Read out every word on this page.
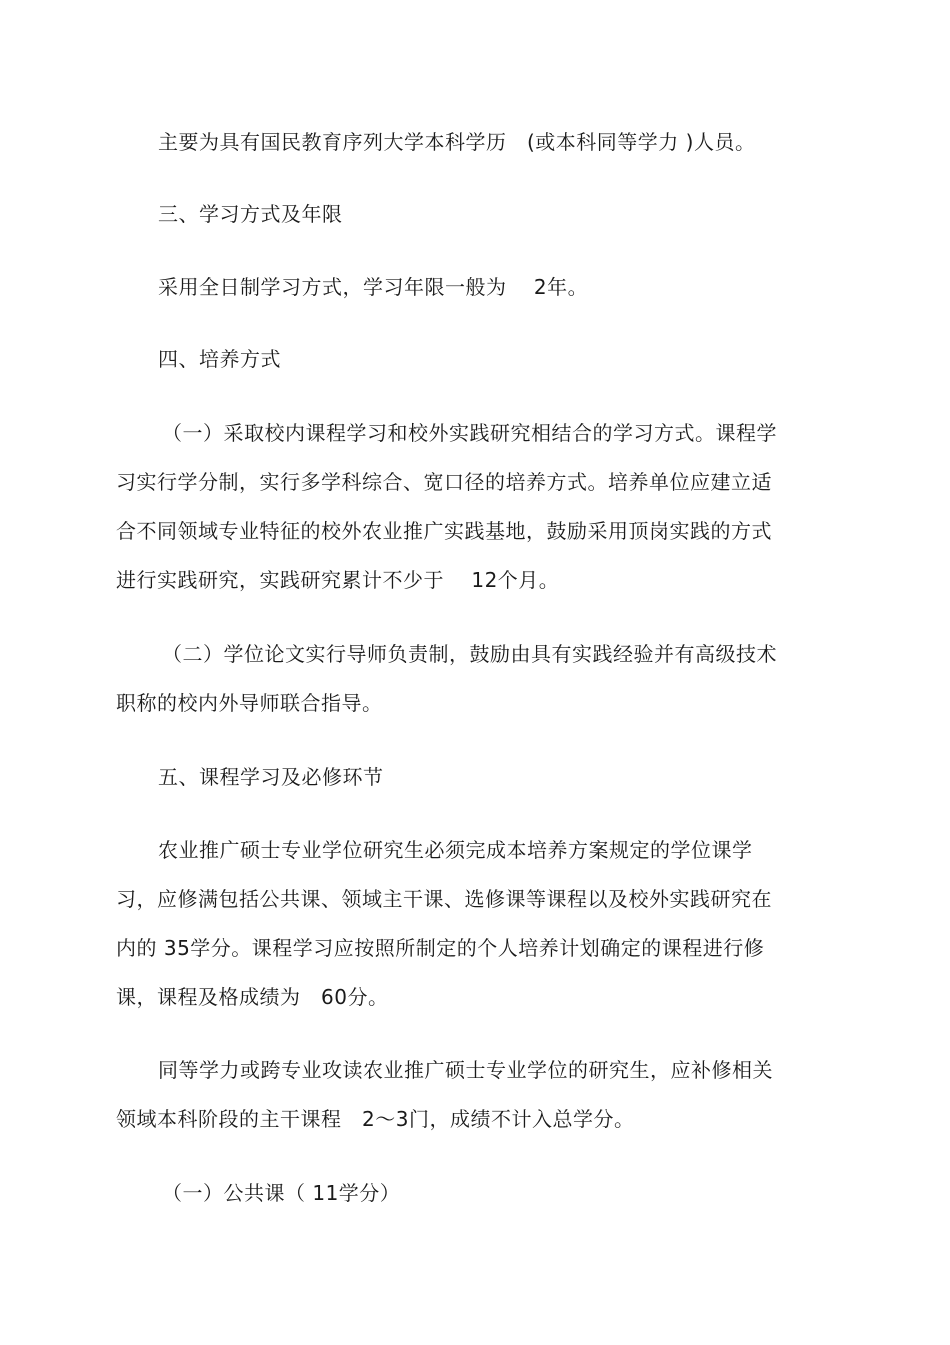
主要为具有国民教育序列大学本科学历　(或本科同等学力 )人员。
三、学习方式及年限
采用全日制学习方式，学习年限一般为　 2年。
四、培养方式
（一）采取校内课程学习和校外实践研究相结合的学习方式。课程学
习实行学分制，实行多学科综合、宽口径的培养方式。培养单位应建立适
合不同领域专业特征的校外农业推广实践基地，鼓励采用顶岗实践的方式
进行实践研究，实践研究累计不少于　 12个月。
（二）学位论文实行导师负责制，鼓励由具有实践经验并有高级技术
职称的校内外导师联合指导。
五、课程学习及必修环节
农业推广硕士专业学位研究生必须完成本培养方案规定的学位课学
习，应修满包括公共课、领域主干课、选修课等课程以及校外实践研究在
内的 35学分。课程学习应按照所制定的个人培养计划确定的课程进行修
课，课程及格成绩为　60分。
同等学力或跨专业攻读农业推广硕士专业学位的研究生，应补修相关
领域本科阶段的主干课程　2～3门，成绩不计入总学分。
（一）公共课（ 11学分）
